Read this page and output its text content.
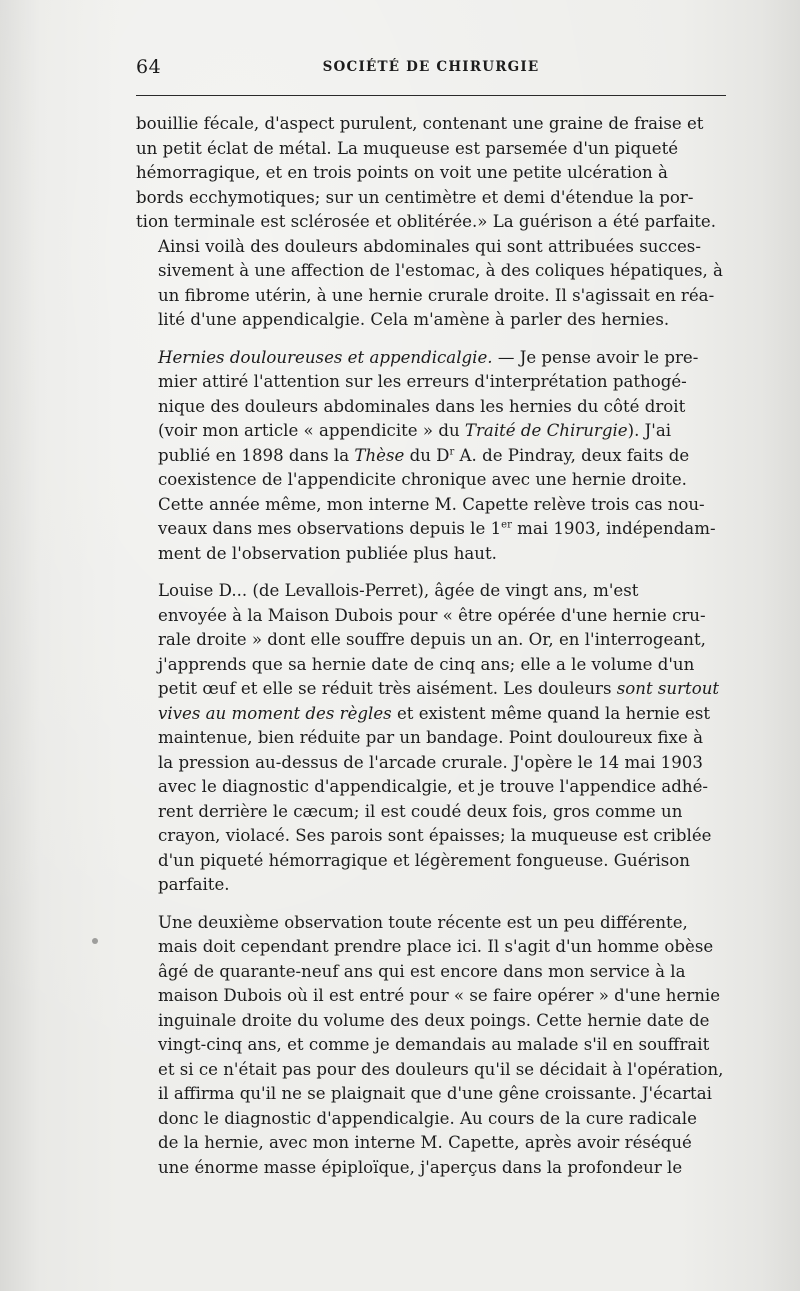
64	SOCIÉTÉ DE CHIRURGIE

bouillie fécale, d'aspect purulent, contenant une graine de fraise et
un petit éclat de métal. La muqueuse est parsemée d'un piqueté
hémorragique, et en trois points on voit une petite ulcération à
bords ecchymotiques; sur un centimètre et demi d'étendue la por-
tion terminale est sclérosée et oblitérée.» La guérison a été parfaite.

Ainsi voilà des douleurs abdominales qui sont attribuées succes-
sivement à une affection de l'estomac, à des coliques hépatiques, à
un fibrome utérin, à une hernie crurale droite. Il s'agissait en réa-
lité d'une appendicalgie. Cela m'amène à parler des hernies.

Hernies douloureuses et appendicalgie. — Je pense avoir le pre-
mier attiré l'attention sur les erreurs d'interprétation pathogé-
nique des douleurs abdominales dans les hernies du côté droit
(voir mon article « appendicite » du Traité de Chirurgie). J'ai
publié en 1898 dans la Thèse du $D^r$ A. de Pindray, deux faits de
coexistence de l'appendicite chronique avec une hernie droite.
Cette année même, mon interne M. Capette relève trois cas nou-
veaux dans mes observations depuis le 1er mai 1903, indépendam-
ment de l'observation publiée plus haut.

Louise D... (de Levallois-Perret), âgée de vingt ans, m'est
envoyée à la Maison Dubois pour « être opérée d'une hernie cru-
rale droite » dont elle souffre depuis un an. Or, en l'interrogeant,
j'apprends que sa hernie date de cinq ans; elle a le volume d'un
petit œuf et elle se réduit très aisément. Les douleurs sont surtout
vives au moment des règles et existent même quand la hernie est
maintenue, bien réduite par un bandage. Point douloureux fixe à
la pression au-dessus de l'arcade crurale. J'opère le 14 mai 1903
avec le diagnostic d'appendicalgie, et je trouve l'appendice adhé-
rent derrière le cæcum; il est coudé deux fois, gros comme un
crayon, violacé. Ses parois sont épaisses; la muqueuse est criblée
d'un piqueté hémorragique et légèrement fongueuse. Guérison
parfaite.

Une deuxième observation toute récente est un peu différente,
mais doit cependant prendre place ici. Il s'agit d'un homme obèse
âgé de quarante-neuf ans qui est encore dans mon service à la
maison Dubois où il est entré pour « se faire opérer » d'une hernie
inguinale droite du volume des deux poings. Cette hernie date de
vingt-cinq ans, et comme je demandais au malade s'il en souffrait
et si ce n'était pas pour des douleurs qu'il se décidait à l'opération,
il affirma qu'il ne se plaignait que d'une gêne croissante. J'écartai
donc le diagnostic d'appendicalgie. Au cours de la cure radicale
de la hernie, avec mon interne M. Capette, après avoir réséqué
une énorme masse épiploïque, j'aperçus dans la profondeur le
